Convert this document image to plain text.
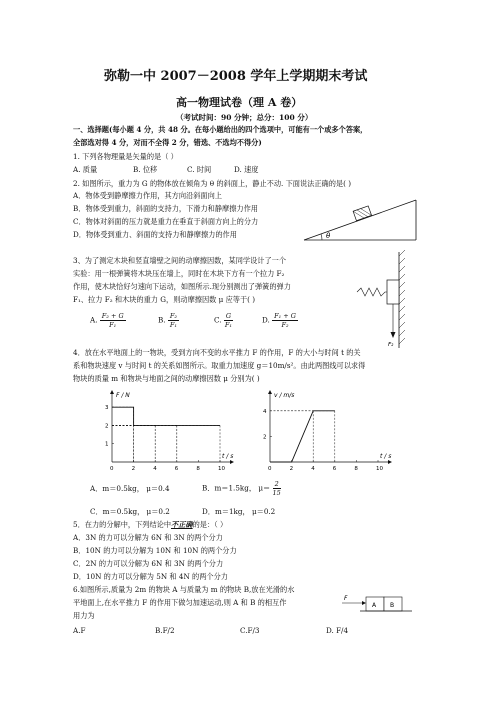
弥勒一中 2007－2008 学年上学期期末考试
高一物理试卷（理 A 卷）
（考试时间：90 分钟；总分：100 分）
一、选择题(每小题 4 分，共 48 分。在每小题给出的四个选项中，可能有一个或多个答案，
全部选对得 4 分，对而不全得 2 分，错选、不选均不得分)
1. 下列各物理量是矢量的是（ ）
A. 质量	B. 位移	C. 时间	D. 速度
2. 如图所示，重力为 G 的物体放在倾角为 θ 的斜面上，静止不动. 下面说法正确的是( )
A．物体受到静摩擦力作用，其方向沿斜面向上
B．物体受到重力，斜面的支持力，下滑力和静摩擦力作用
C．物体对斜面的压力就是重力在垂直于斜面方向上的分力
D．物体受到重力、斜面的支持力和静摩擦力的作用	θ
3、为了测定木块和竖直墙壁之间的动摩擦因数，某同学设计了一个
实验：用一根弹簧将木块压在墙上，同时在木块下方有一个拉力 F₂
作用，使木块恰好匀速向下运动，如图所示.现分别测出了弹簧的弹力
F₁、拉力 F₂ 和木块的重力 G，则动摩擦因数 μ 应等于( )
A. $\frac{\text{F₂ + G}}{\text{F₁}}$	B. $\frac{\text{F₂}}{\text{F₁}}$	C. $\frac{G}{\text{F₁}}$	D. $\frac{\text{F₁ + G}}{\text{F₂}}$
F₂
4．放在水平地面上的一物块，受到方向不变的水平推力 F 的作用，F 的大小与时间 t 的关
系和物块速度 v 与时间 t 的关系如图所示。取重力加速度 g＝10m/s²。由此两图线可以求得
物块的质量 m 和物块与地面之间的动摩擦因数 μ 分别为( )
F / N
t / s
0	2	4	6	8	10
1
2
3
v / m/s
t / s
0	2	4	6	8	10
2
4
A．m＝0.5kg， μ＝0.4	B．m＝1.5kg， $\mu= \frac{2}{15}$
C．m＝0.5kg， μ＝0.2	D．m＝1kg， μ＝0.2
5．在力的分解中，下列结论中不正确的是：（ ）
A．3N 的力可以分解为 6N 和 3N 的两个分力
B．10N 的力可以分解为 10N 和 10N 的两个分力
C．2N 的力可以分解为 6N 和 3N 的两个分力
D．10N 的力可以分解为 5N 和 4N 的两个分力
6.如图所示,质量为 2m 的物块 A 与质量为 m 的物块 B,放在光滑的水
平地面上,在水平推力 F 的作用下做匀加速运动,则 A 和 B 的相互作
用力为
F
A B
A.F	B.F/2	C.F/3	D. F/4
